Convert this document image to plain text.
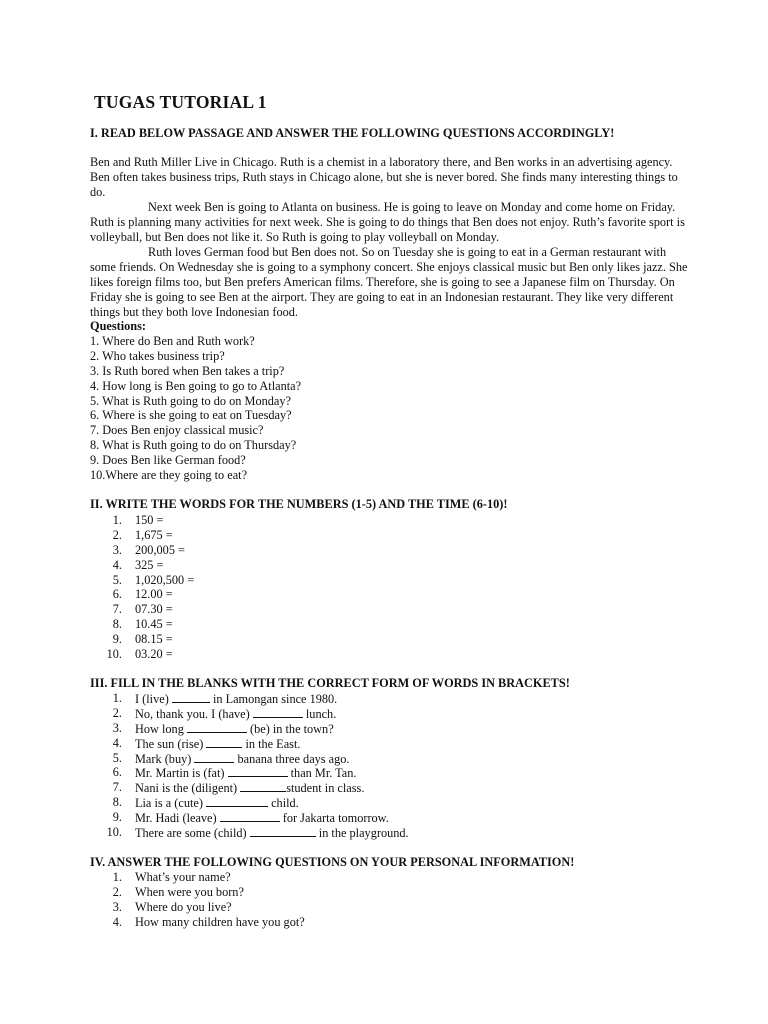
TUGAS TUTORIAL 1
I. READ BELOW PASSAGE AND ANSWER THE FOLLOWING QUESTIONS ACCORDINGLY!

Ben and Ruth Miller Live in Chicago. Ruth is a chemist in a laboratory there, and Ben works in an advertising agency. Ben often takes business trips, Ruth stays in Chicago alone, but she is never bored. She finds many interesting things to do.

Next week Ben is going to Atlanta on business. He is going to leave on Monday and come home on Friday. Ruth is planning many activities for next week. She is going to do things that Ben does not enjoy. Ruth’s favorite sport is volleyball, but Ben does not like it. So Ruth is going to play volleyball on Monday.

Ruth loves German food but Ben does not. So on Tuesday she is going to eat in a German restaurant with some friends. On Wednesday she is going to a symphony concert. She enjoys classical music but Ben only likes jazz. She likes foreign films too, but Ben prefers American films. Therefore, she is going to see a Japanese film on Thursday. On Friday she is going to see Ben at the airport. They are going to eat in an Indonesian restaurant. They like very different things but they both love Indonesian food.

Questions:
1. Where do Ben and Ruth work?
2. Who takes business trip?
3. Is Ruth bored when Ben takes a trip?
4. How long is Ben going to go to Atlanta?
5. What is Ruth going to do on Monday?
6. Where is she going to eat on Tuesday?
7. Does Ben enjoy classical music?
8. What is Ruth going to do on Thursday?
9. Does Ben like German food?
10.Where are they going to eat?
II. WRITE THE WORDS FOR THE NUMBERS (1-5) AND THE TIME (6-10)!
1. 150 =
2. 1,675 =
3. 200,005 =
4. 325 =
5. 1,020,500 =
6. 12.00 =
7. 07.30 =
8. 10.45 =
9. 08.15 =
10. 03.20 =
III. FILL IN THE BLANKS WITH THE CORRECT FORM OF WORDS IN BRACKETS!
1. I (live)	in Lamongan since 1980.
2. No, thank you. I (have)	lunch.
3. How long	(be) in the town?
4. The sun (rise)	in the East.
5. Mark (buy)	banana three days ago.
6. Mr. Martin is (fat)	than Mr. Tan.
7. Nani is the (diligent)	student in class.
8. Lia is a (cute)	child.
9. Mr. Hadi (leave)	for Jakarta tomorrow.
10. There are some (child)	in the playground.
IV. ANSWER THE FOLLOWING QUESTIONS ON YOUR PERSONAL INFORMATION!
1. What’s your name?
2. When were you born?
3. Where do you live?
4. How many children have you got?
